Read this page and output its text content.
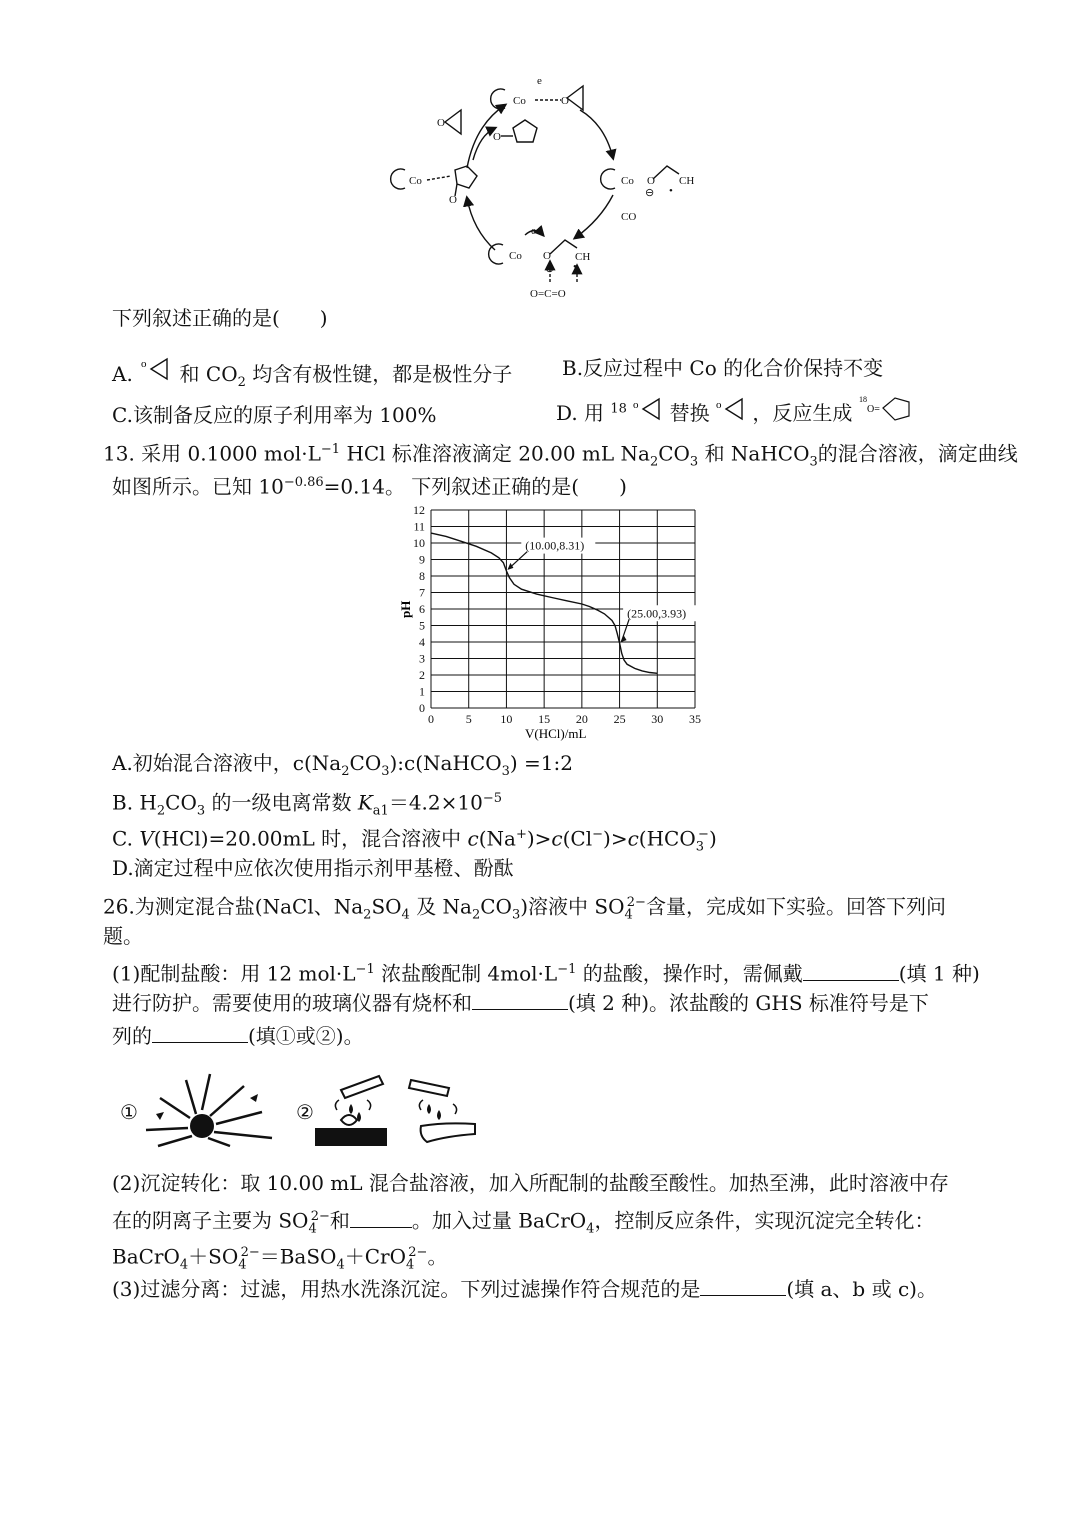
Co
e
O
Co O
⊖
CH
•
CO
Co O
e
⊖
CH
•
O=C=O
Co
O
O
O
下列叙述正确的是(　　)
A. o 和 $CO_2$ 均含有极性键，都是极性分子 B.反应过程中 Co 的化合价保持不变
C.该制备反应的原子利用率为 100%	D. 用 $^{18}$ o 替换 o ，反应生成
18
O=
13. 采用 0.1000 $mol\cdot L^{-1}$ HCl 标准溶液滴定 20.00 mL $Na_2CO_3$ 和 NaHCO$_3$的混合溶液，滴定曲线
如图所示。已知 $10^{-0.86}=0.14$。 下列叙述正确的是(　　)
0	5 10 15 20 25 30 35
0
1
2
3
4
5
6
7
8
9
10
11
12
(10.00,8.31)
(25.00,3.93)
pH
V(HCl)/mL
A.初始混合溶液中，$c(Na_2CO_3):c(NaHCO_3)$ =1:2
B. $H_2CO_3$ 的一级电离常数 $K_{a1}=4.2\times 10^{-5}$
C. V(HCl)=20.00mL 时，混合溶液中 $c(Na^+)>c(Cl^-)>c(HCO_3^-)$
D.滴定过程中应依次使用指示剂甲基橙、酚酞
26.为测定混合盐(NaCl、$Na_2SO_4$ 及 $Na_2CO_3$)溶液中 $SO_4^{2-}$含量，完成如下实验。回答下列问
题。
(1)配制盐酸：用 12 $mol\cdot L^{-1}$ 浓盐酸配制 $4mol\cdot L^{-1}$ 的盐酸，操作时，需佩戴	(填 1 种)
进行防护。需要使用的玻璃仪器有烧杯和	(填 2 种)。浓盐酸的 GHS 标准符号是下
列的	(填①或②)。
①	②
(2)沉淀转化：取 10.00 mL 混合盐溶液，加入所配制的盐酸至酸性。加热至沸，此时溶液中存
在的阴离子主要为 $SO_4^{2-}$和	。加入过量 BaCrO$_4$，控制反应条件，实现沉淀完全转化：
$BaCrO_4+SO_4^{2-}=BaSO_4+CrO_4^{2-}$。
(3)过滤分离：过滤，用热水洗涤沉淀。下列过滤操作符合规范的是	(填 a、b 或 c)。
